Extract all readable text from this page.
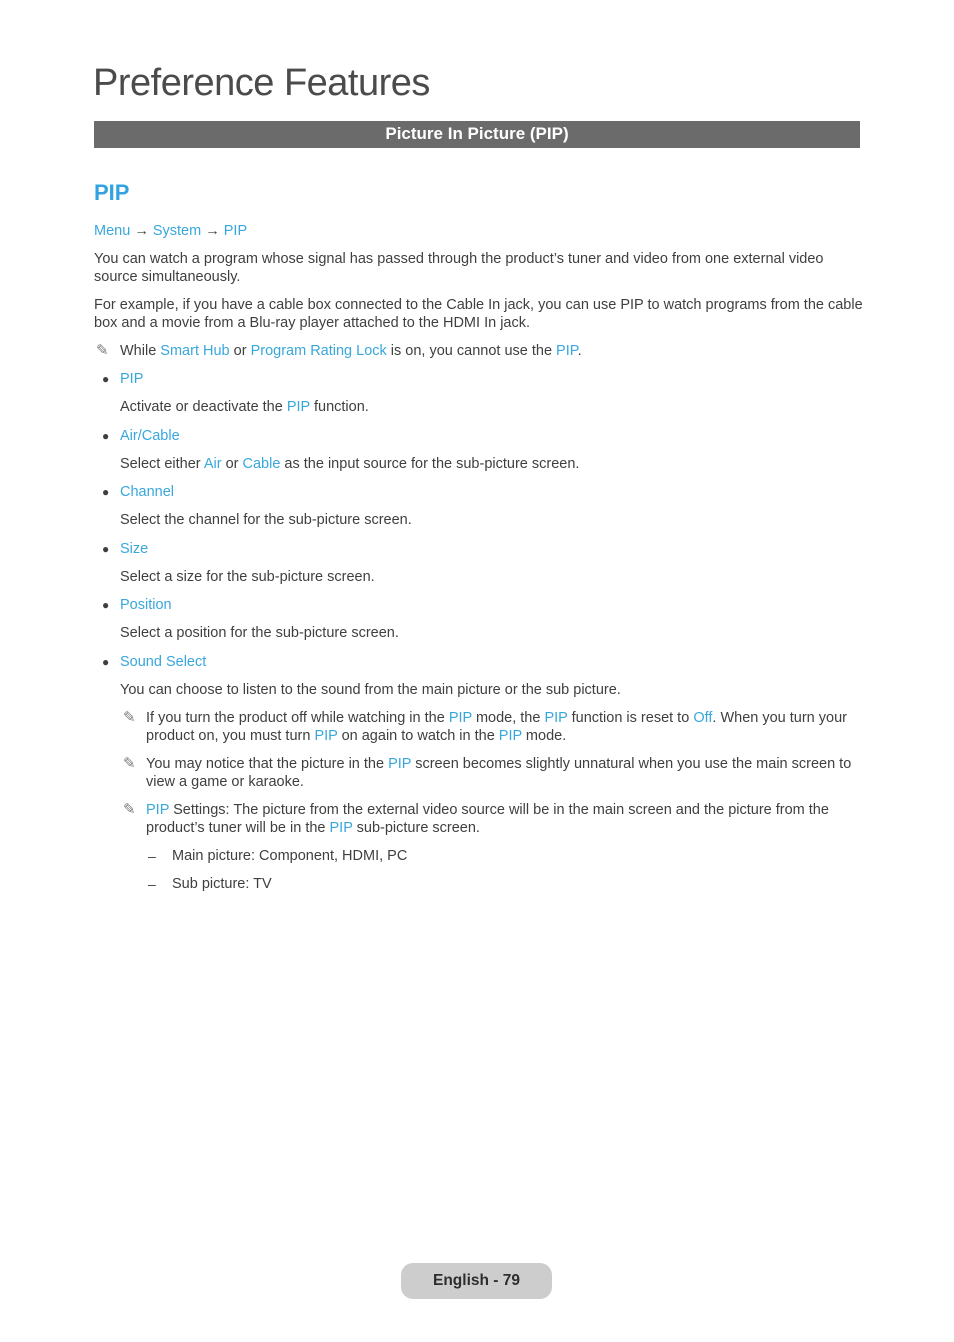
Preference Features
Picture In Picture (PIP)
PIP
Menu → System → PIP
You can watch a program whose signal has passed through the product’s tuner and video from one external video
source simultaneously.
For example, if you have a cable box connected to the Cable In jack, you can use PIP to watch programs from the cable
box and a movie from a Blu-ray player attached to the HDMI In jack.
✎ While Smart Hub or Program Rating Lock is on, you cannot use the PIP.
● PIP
Activate or deactivate the PIP function.
● Air/Cable
Select either Air or Cable as the input source for the sub-picture screen.
● Channel
Select the channel for the sub-picture screen.
● Size
Select a size for the sub-picture screen.
● Position
Select a position for the sub-picture screen.
● Sound Select
You can choose to listen to the sound from the main picture or the sub picture.
✎ If you turn the product off while watching in the PIP mode, the PIP function is reset to Off. When you turn your
product on, you must turn PIP on again to watch in the PIP mode.
✎ You may notice that the picture in the PIP screen becomes slightly unnatural when you use the main screen to
view a game or karaoke.
✎ PIP Settings: The picture from the external video source will be in the main screen and the picture from the
product’s tuner will be in the PIP sub-picture screen.
– Main picture: Component, HDMI, PC
– Sub picture: TV
English - 79
